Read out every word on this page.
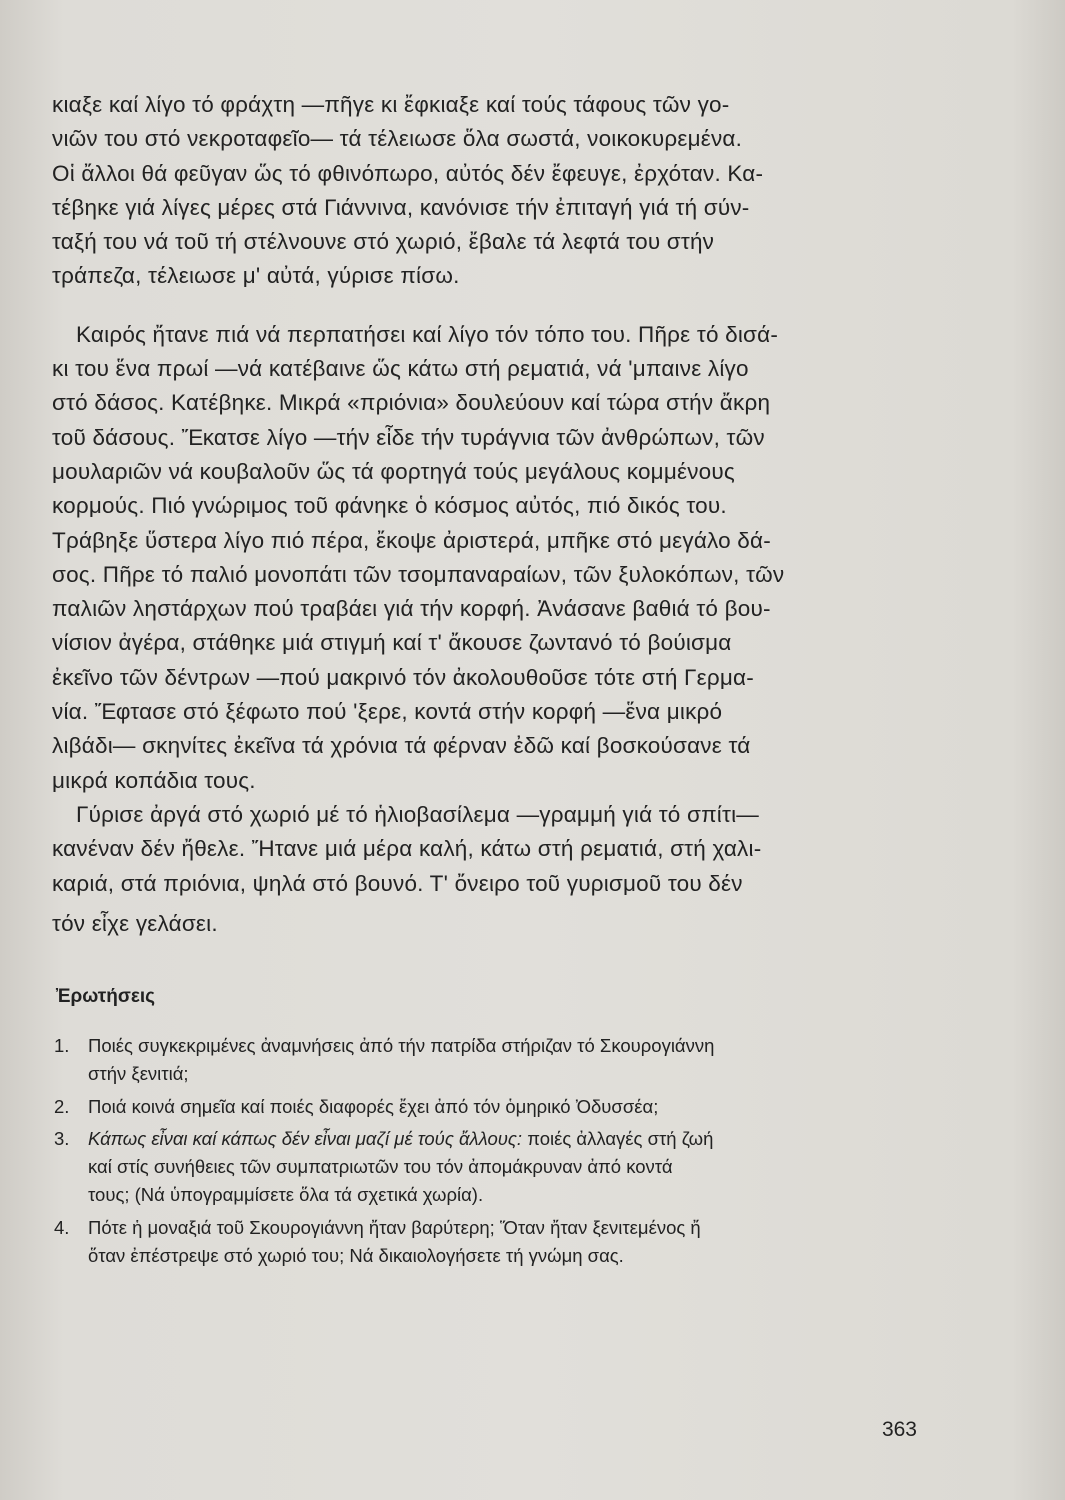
κιαξε καί λίγο τό φράχτη —πῆγε κι ἔφκιαξε καί τούς τάφους τῶν γο-
νιῶν του στό νεκροταφεῖο— τά τέλειωσε ὅλα σωστά, νοικοκυρεμένα.
Οἱ ἄλλοι θά φεῦγαν ὥς τό φθινόπωρο, αὐτός δέν ἔφευγε, ἐρχόταν. Κα-
τέβηκε γιά λίγες μέρες στά Γιάννινα, κανόνισε τήν ἐπιταγή γιά τή σύν-
ταξή του νά τοῦ τή στέλνουνε στό χωριό, ἔβαλε τά λεφτά του στήν
τράπεζα, τέλειωσε μ' αὐτά, γύρισε πίσω.
Καιρός ἤτανε πιά νά περπατήσει καί λίγο τόν τόπο του. Πῆρε τό δισά-
κι του ἕνα πρωί —νά κατέβαινε ὥς κάτω στή ρεματιά, νά 'μπαινε λίγο
στό δάσος. Κατέβηκε. Μικρά «πριόνια» δουλεύουν καί τώρα στήν ἄκρη
τοῦ δάσους. Ἔκατσε λίγο —τήν εἶδε τήν τυράγνια τῶν ἀνθρώπων, τῶν
μουλαριῶν νά κουβαλοῦν ὥς τά φορτηγά τούς μεγάλους κομμένους
κορμούς. Πιό γνώριμος τοῦ φάνηκε ὁ κόσμος αὐτός, πιό δικός του.
Τράβηξε ὕστερα λίγο πιό πέρα, ἔκοψε ἀριστερά, μπῆκε στό μεγάλο δά-
σος. Πῆρε τό παλιό μονοπάτι τῶν τσομπαναραίων, τῶν ξυλοκόπων, τῶν
παλιῶν ληστάρχων πού τραβάει γιά τήν κορφή. Ἀνάσανε βαθιά τό βου-
νίσιον ἀγέρα, στάθηκε μιά στιγμή καί τ' ἄκουσε ζωντανό τό βούισμα
ἐκεῖνο τῶν δέντρων —πού μακρινό τόν ἀκολουθοῦσε τότε στή Γερμα-
νία. Ἔφτασε στό ξέφωτο πού 'ξερε, κοντά στήν κορφή —ἕνα μικρό
λιβάδι— σκηνίτες ἐκεῖνα τά χρόνια τά φέρναν ἐδῶ καί βοσκούσανε τά
μικρά κοπάδια τους.
Γύρισε ἀργά στό χωριό μέ τό ἡλιοβασίλεμα —γραμμή γιά τό σπίτι—
κανέναν δέν ἤθελε. Ἤτανε μιά μέρα καλή, κάτω στή ρεματιά, στή χαλι-
καριά, στά πριόνια, ψηλά στό βουνό. Τ' ὄνειρο τοῦ γυρισμοῦ του δέν
τόν εἶχε γελάσει.
Ἐρωτήσεις
1.	Ποιές συγκεκριμένες ἀναμνήσεις ἀπό τήν πατρίδα στήριζαν τό Σκουρογιάννη
στήν ξενιτιά;
2.	Ποιά κοινά σημεῖα καί ποιές διαφορές ἔχει ἀπό τόν ὁμηρικό Ὀδυσσέα;
3.	Κάπως εἶναι καί κάπως δέν εἶναι μαζί μέ τούς ἄλλους: ποιές ἀλλαγές στή ζωή
καί στίς συνήθειες τῶν συμπατριωτῶν του τόν ἀπομάκρυναν ἀπό κοντά
τους; (Νά ὑπογραμμίσετε ὅλα τά σχετικά χωρία).
4.	Πότε ἡ μοναξιά τοῦ Σκουρογιάννη ἤταν βαρύτερη; Ὅταν ἤταν ξενιτεμένος ἤ
ὅταν ἐπέστρεψε στό χωριό του; Νά δικαιολογήσετε τή γνώμη σας.
363
